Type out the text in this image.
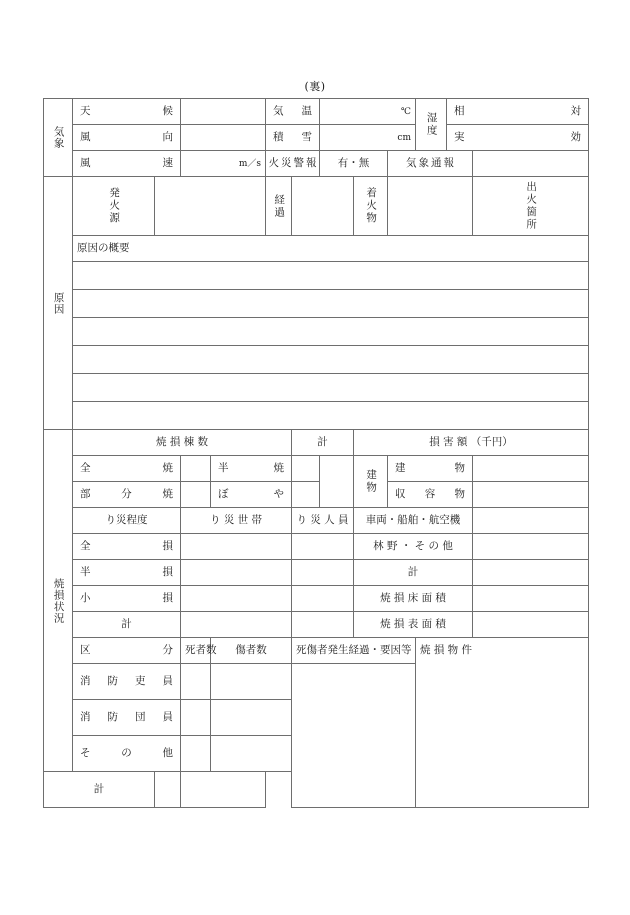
(裏)
気象	天 候				気 温		℃			湿度	相 対		

	風 向				積 雪		cm				実 効		

	風 速		m／s		火 災 警 報		有・無		気 象 通 報				

原因	発火源				経過			着火物				出火箇所	

	原因の概要												

焼損状況	焼 損 棟 数					計		損 害 額 （千円）					

	全 焼			半 焼				建物	建 物				

	部 分 焼			ぼ や					収 容 物				

	り災程度		り 災 世 帯			り 災 人 員		車両・船舶・航空機					

	全 損							林 野 ・ そ の 他					

	半 損							計					

	小 損							焼 損 床 面 積					
	計							焼 損 表 面 積					

	区 分		死者数	傷者数		死傷者発生経過・要因等				焼 損 物 件			

	消 防 吏 員												

	消 防 団 員												

	そ の 他												

計													
